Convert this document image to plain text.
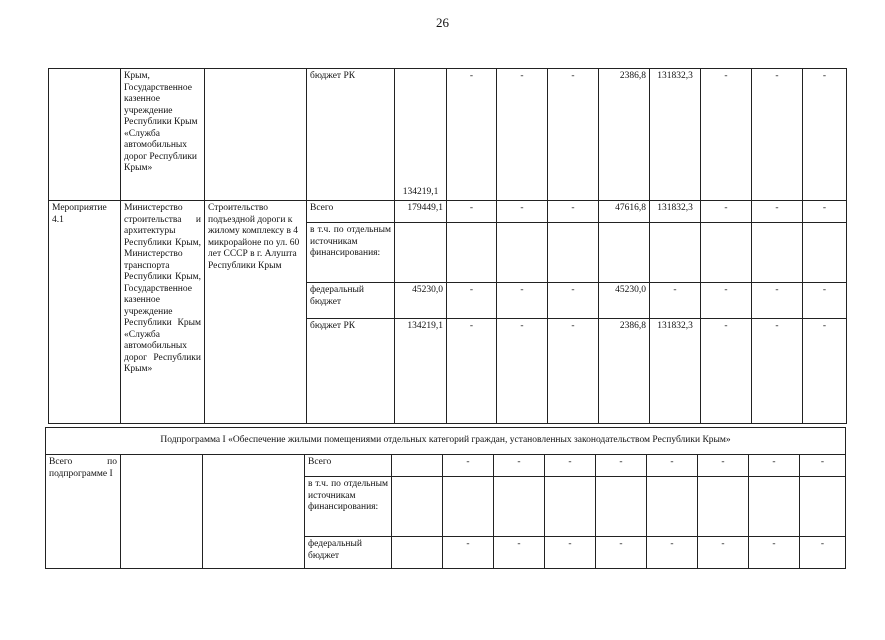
26
	Крым, Государственное казенное учреждение Республики Крым «Служба автомобильных дорог Республики Крым»		бюджет РК	134219,1	-	-	-	2386,8	131832,3	-	-	-
Мероприятие 4.1	Министерство строительства и архитектуры Республики Крым, Министерство транспорта Республики Крым, Государственное казенное учреждение Республики Крым «Служба автомобильных дорог Республики Крым»	Строительство подъездной дороги к жилому комплексу в 4 микрорайоне по ул. 60 лет СССР в г. Алушта Республики Крым	Всего	179449,1	-	-	-	47616,8	131832,3	-	-	-
			в т.ч. по отдельным источникам финансирования:									
			федеральный бюджет	45230,0	-	-	-	45230,0	-	-	-	-
			бюджет РК	134219,1	-	-	-	2386,8	131832,3	-	-	-
Подпрограмма I «Обеспечение жилыми помещениями отдельных категорий граждан, установленных законодательством Республики Крым»												
Всего по подпрограмме I			Всего		-	-	-	-	-	-	-	-
			в т.ч. по отдельным источникам финансирования:									
			федеральный бюджет		-	-	-	-	-	-	-	-
